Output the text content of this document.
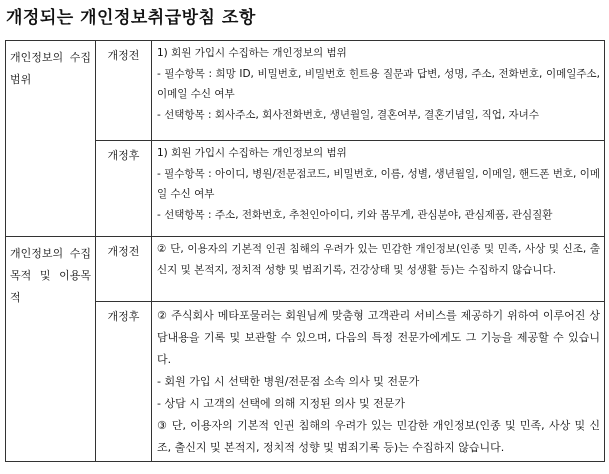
개정되는 개인정보취급방침 조항
개인정보의 수집범위	개정전	1) 회원 가입시 수집하는 개인정보의 범위
- 필수항목 : 희망 ID, 비밀번호, 비밀번호 힌트용 질문과 답변, 성명, 주소, 전화번호, 이메일주소, 이메일 수신 여부
- 선택항목 : 회사주소, 회사전화번호, 생년월일, 결혼여부, 결혼기념일, 직업, 자녀수

	개정후	1) 회원 가입시 수집하는 개인정보의 범위
- 필수항목 : 아이디, 병원/전문점코드, 비밀번호, 이름, 성별, 생년월일, 이메일, 핸드폰 번호, 이메일 수신 여부
- 선택항목 : 주소, 전화번호, 추천인아이디, 키와 몸무게, 관심분야, 관심제품, 관심질환

개인정보의 수집목적 및 이용목적	개정전	② 단, 이용자의 기본적 인권 침해의 우려가 있는 민감한 개인정보(인종 및 민족, 사상 및 신조, 출신지 및 본적지, 정치적 성향 및 범죄기록, 건강상태 및 성생활 등)는 수집하지 않습니다.

	개정후	② 주식회사 메타포물러는 회원님께 맞춤형 고객관리 서비스를 제공하기 위하여 이루어진 상담내용을 기록 및 보관할 수 있으며, 다음의 특정 전문가에게도 그 기능을 제공할 수 있습니다.
- 회원 가입 시 선택한 병원/전문점 소속 의사 및 전문가
- 상담 시 고객의 선택에 의해 지정된 의사 및 전문가
③ 단, 이용자의 기본적 인권 침해의 우려가 있는 민감한 개인정보(인종 및 민족, 사상 및 신조, 출신지 및 본적지, 정치적 성향 및 범죄기록 등)는 수집하지 않습니다.
